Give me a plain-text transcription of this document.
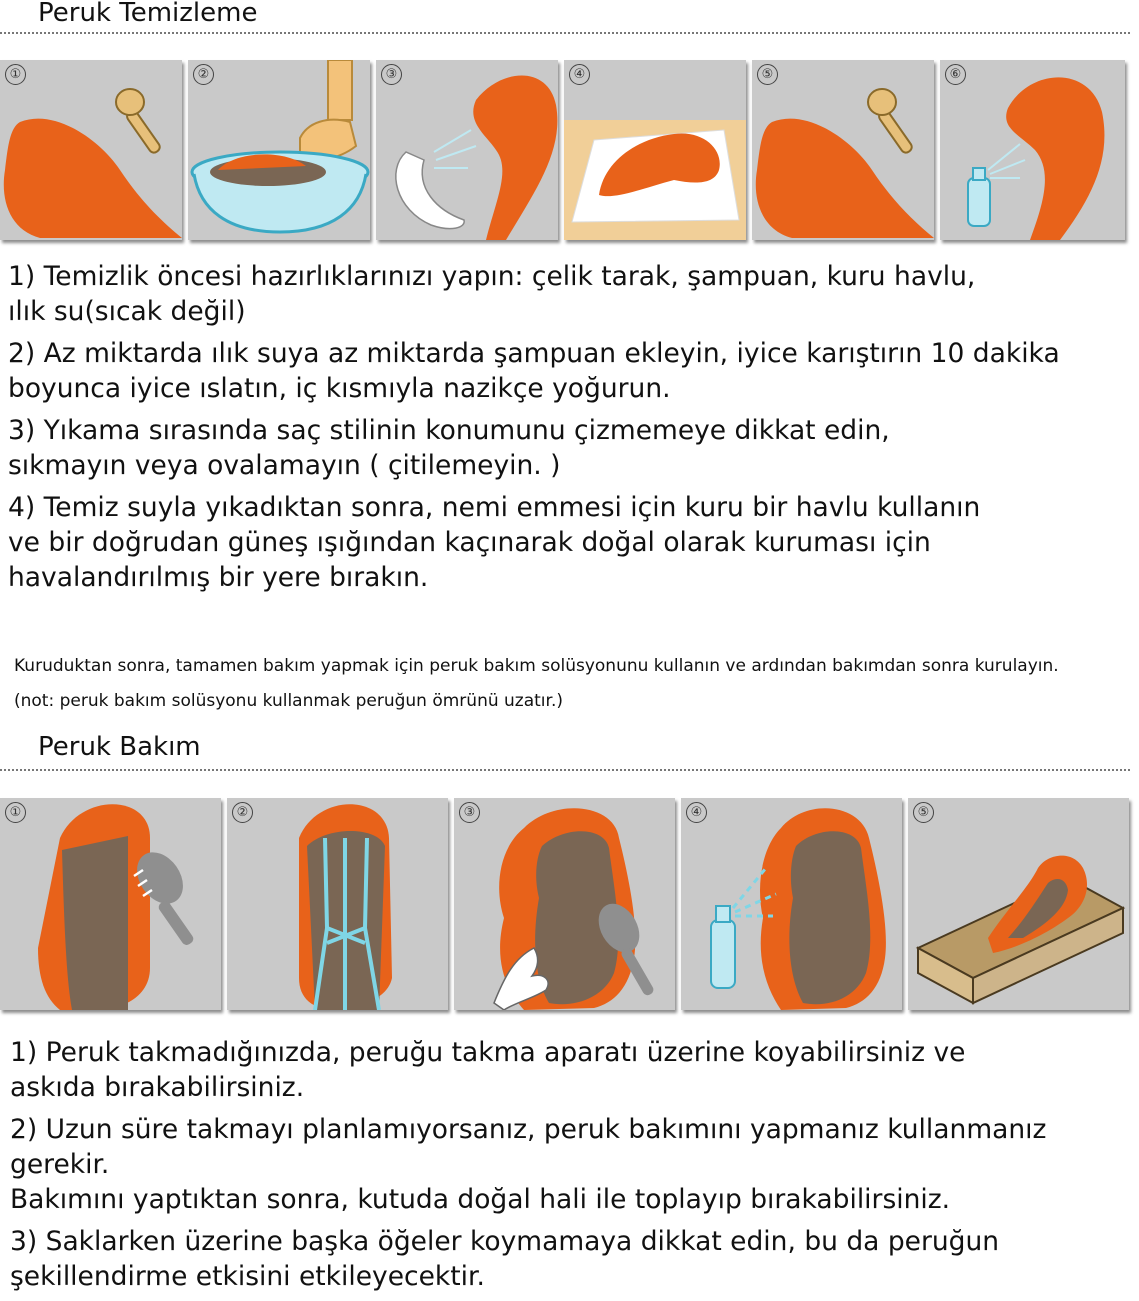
Peruk Temizleme
①	②	③	④	⑤	⑥

1) Temizlik öncesi hazırlıklarınızı yapın: çelik tarak, şampuan, kuru havlu,
ılık su(sıcak değil)

2) Az miktarda ılık suya az miktarda şampuan ekleyin, iyice karıştırın 10 dakika
boyunca iyice ıslatın, iç kısmıyla nazikçe yoğurun.

3) Yıkama sırasında saç stilinin konumunu çizmemeye dikkat edin,
sıkmayın veya ovalamayın ( çitilemeyin. )

4) Temiz suyla yıkadıktan sonra, nemi emmesi için kuru bir havlu kullanın
ve bir doğrudan güneş ışığından kaçınarak doğal olarak kuruması için
havalandırılmış bir yere bırakın.

Kuruduktan sonra, tamamen bakım yapmak için peruk bakım solüsyonunu kullanın ve ardından bakımdan sonra kurulayın.

(not: peruk bakım solüsyonu kullanmak peruğun ömrünü uzatır.)

Peruk Bakım
①	②	③	④	⑤

1) Peruk takmadığınızda, peruğu takma aparatı üzerine koyabilirsiniz ve
askıda bırakabilirsiniz.

2) Uzun süre takmayı planlamıyorsanız, peruk bakımını yapmanız kullanmanız gerekir.
Bakımını yaptıktan sonra, kutuda doğal hali ile toplayıp bırakabilirsiniz.

3) Saklarken üzerine başka öğeler koymamaya dikkat edin, bu da peruğun
şekillendirme etkisini etkileyecektir.
